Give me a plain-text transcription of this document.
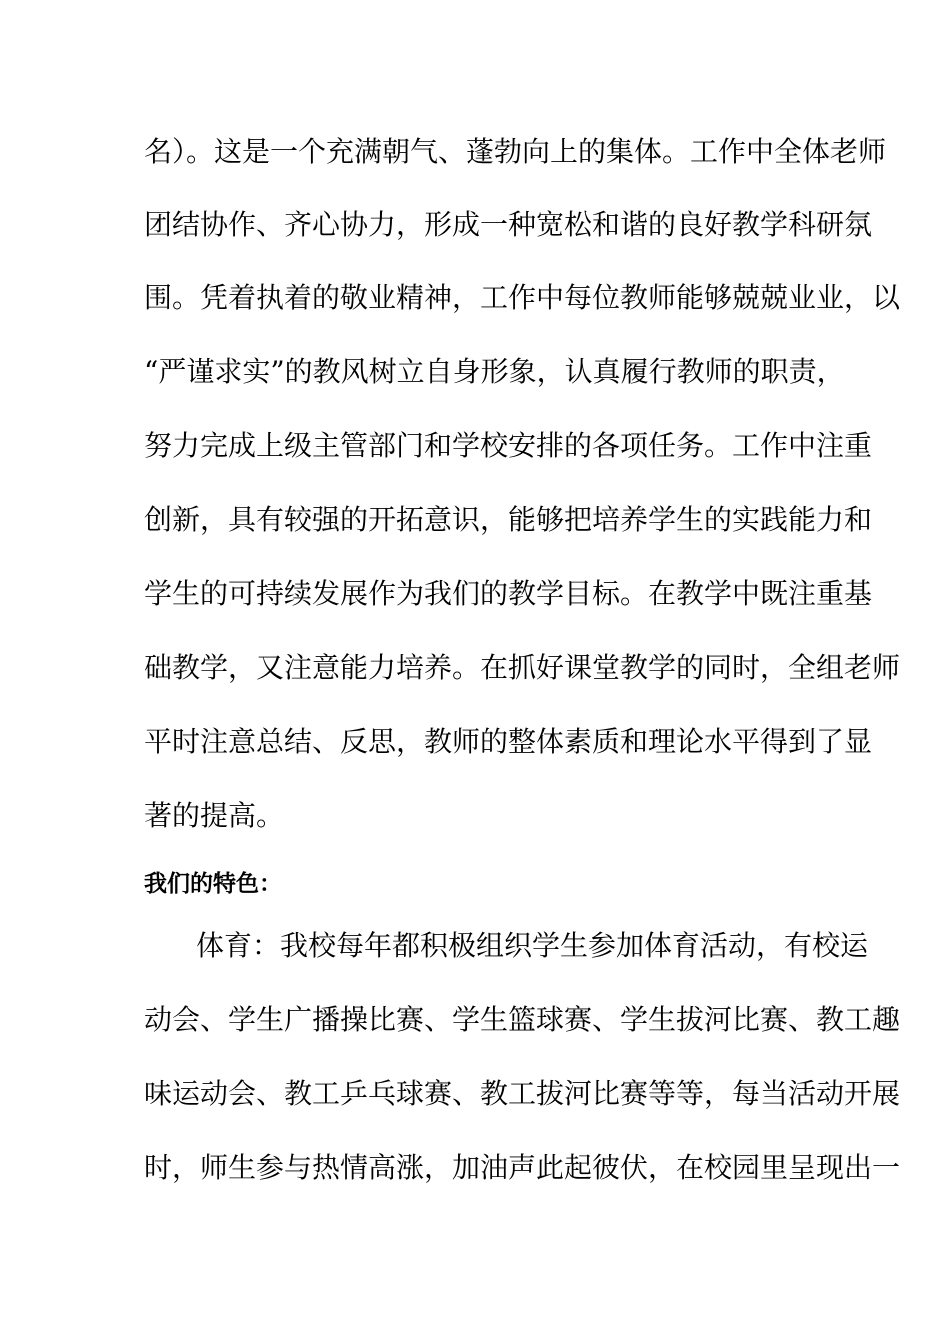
名）。这是一个充满朝气、蓬勃向上的集体。工作中全体老师
团结协作、齐心协力，形成一种宽松和谐的良好教学科研氛
围。凭着执着的敬业精神，工作中每位教师能够兢兢业业，以
“严谨求实”的教风树立自身形象，认真履行教师的职责，
努力完成上级主管部门和学校安排的各项任务。工作中注重
创新，具有较强的开拓意识，能够把培养学生的实践能力和
学生的可持续发展作为我们的教学目标。在教学中既注重基
础教学，又注意能力培养。在抓好课堂教学的同时，全组老师
平时注意总结、反思，教师的整体素质和理论水平得到了显
著的提高。
我们的特色：
体育：我校每年都积极组织学生参加体育活动，有校运
动会、学生广播操比赛、学生篮球赛、学生拔河比赛、教工趣
味运动会、教工乒乓球赛、教工拔河比赛等等，每当活动开展
时，师生参与热情高涨，加油声此起彼伏，在校园里呈现出一
